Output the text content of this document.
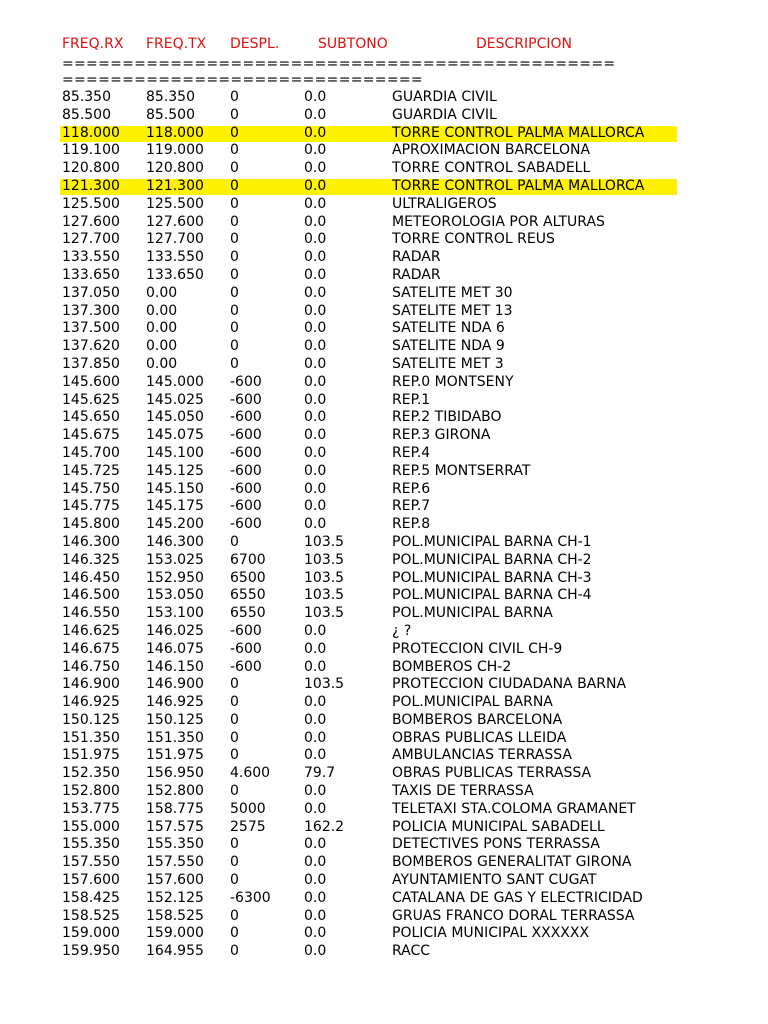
FREQ.RX FREQ.TX DESPL.	SUBTONO	DESCRIPCION
==============================================
==============================
85.350	85.350	0	0.0	GUARDIA CIVIL
85.500	85.500	0	0.0	GUARDIA CIVIL
118.000 118.000 0	0.0	TORRE CONTROL PALMA MALLORCA
119.100 119.000 0	0.0	APROXIMACION BARCELONA
120.800 120.800 0	0.0	TORRE CONTROL SABADELL
121.300 121.300 0	0.0	TORRE CONTROL PALMA MALLORCA
125.500 125.500 0	0.0	ULTRALIGEROS
127.600 127.600 0	0.0	METEOROLOGIA POR ALTURAS
127.700 127.700 0	0.0	TORRE CONTROL REUS
133.550 133.550 0	0.0	RADAR
133.650 133.650 0	0.0	RADAR
137.050 0.00	0	0.0	SATELITE MET 30
137.300 0.00	0	0.0	SATELITE MET 13
137.500 0.00	0	0.0	SATELITE NDA 6
137.620 0.00	0	0.0	SATELITE NDA 9
137.850 0.00	0	0.0	SATELITE MET 3
145.600 145.000 -600	0.0	REP.0 MONTSENY
145.625 145.025 -600	0.0	REP.1
145.650 145.050 -600	0.0	REP.2 TIBIDABO
145.675 145.075 -600	0.0	REP.3 GIRONA
145.700 145.100 -600	0.0	REP.4
145.725 145.125 -600	0.0	REP.5 MONTSERRAT
145.750 145.150 -600	0.0	REP.6
145.775 145.175 -600	0.0	REP.7
145.800 145.200 -600	0.0	REP.8
146.300 146.300 0	103.5	POL.MUNICIPAL BARNA CH-1
146.325 153.025 6700	103.5	POL.MUNICIPAL BARNA CH-2
146.450 152.950 6500	103.5	POL.MUNICIPAL BARNA CH-3
146.500 153.050 6550	103.5	POL.MUNICIPAL BARNA CH-4
146.550 153.100 6550	103.5	POL.MUNICIPAL BARNA
146.625 146.025 -600	0.0	¿ ?
146.675 146.075 -600	0.0	PROTECCION CIVIL CH-9
146.750 146.150 -600	0.0	BOMBEROS CH-2
146.900 146.900 0	103.5	PROTECCION CIUDADANA BARNA
146.925 146.925 0	0.0	POL.MUNICIPAL BARNA
150.125 150.125 0	0.0	BOMBEROS BARCELONA
151.350 151.350 0	0.0	OBRAS PUBLICAS LLEIDA
151.975 151.975 0	0.0	AMBULANCIAS TERRASSA
152.350 156.950 4.600 79.7	OBRAS PUBLICAS TERRASSA
152.800 152.800 0	0.0	TAXIS DE TERRASSA
153.775 158.775 5000	0.0	TELETAXI STA.COLOMA GRAMANET
155.000 157.575 2575	162.2	POLICIA MUNICIPAL SABADELL
155.350 155.350 0	0.0	DETECTIVES PONS TERRASSA
157.550 157.550 0	0.0	BOMBEROS GENERALITAT GIRONA
157.600 157.600 0	0.0	AYUNTAMIENTO SANT CUGAT
158.425 152.125 -6300 0.0	CATALANA DE GAS Y ELECTRICIDAD
158.525 158.525 0	0.0	GRUAS FRANCO DORAL TERRASSA
159.000 159.000 0	0.0	POLICIA MUNICIPAL XXXXXX
159.950 164.955 0	0.0	RACC
